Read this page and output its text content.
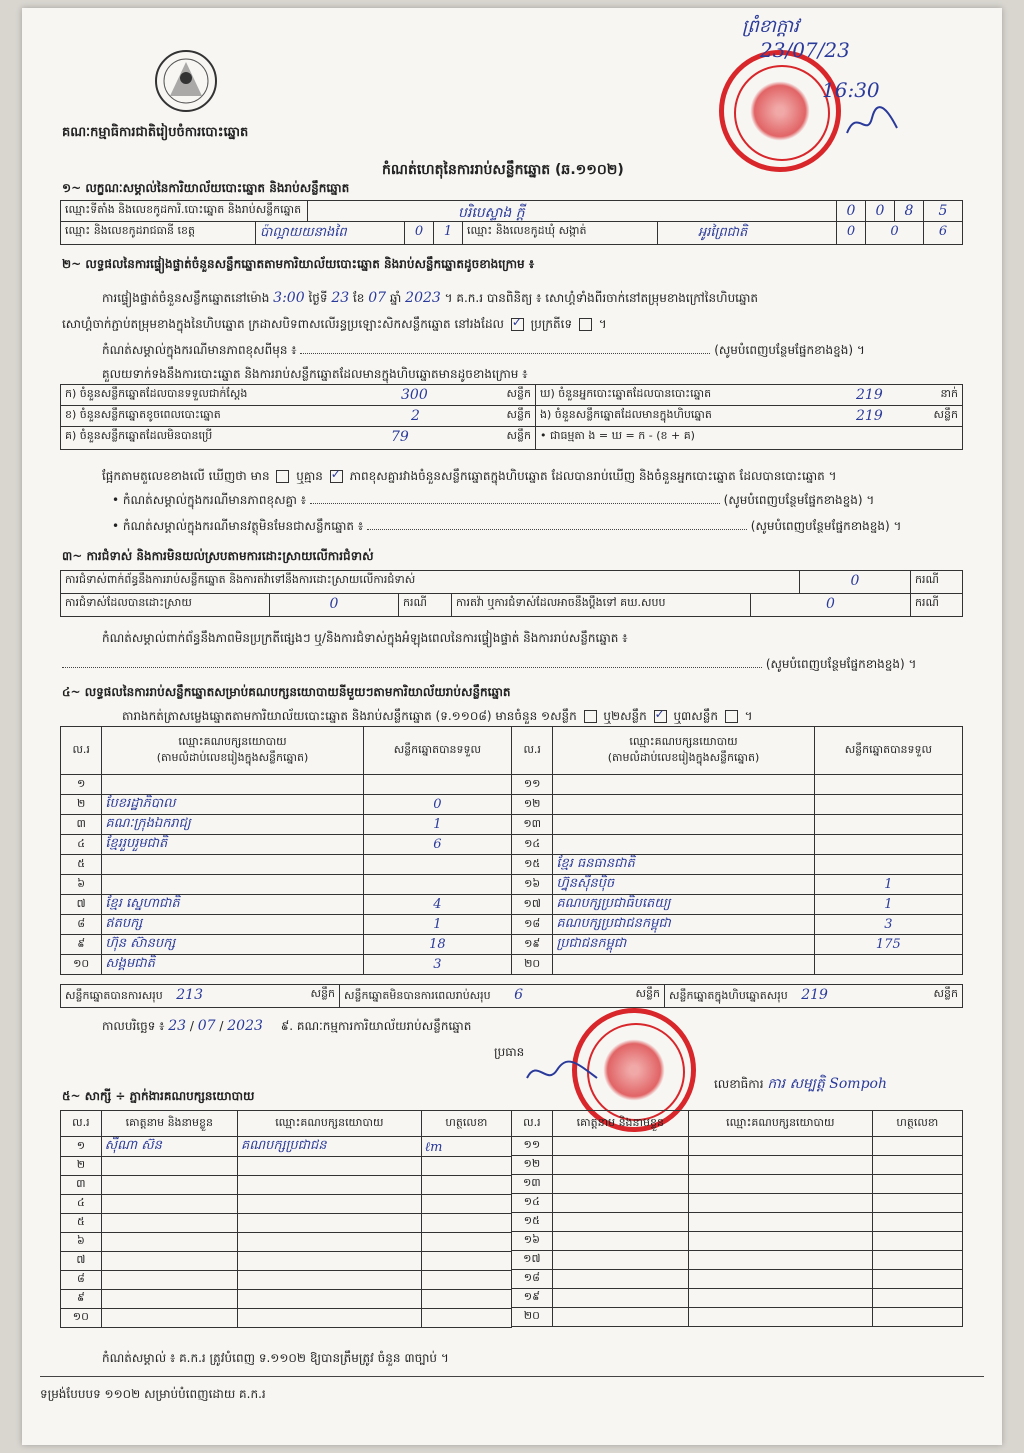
គណៈកម្មាធិការជាតិរៀបចំការបោះឆ្នោត
ព្រំខាក្តាវ
23/07/23
16:30
កំណត់ហេតុនៃការរាប់សន្លឹកឆ្នោត (ឆ.១១០២)
១~ លក្ខណៈសម្គាល់នៃការិយាល័យបោះឆ្នោត និងរាប់សន្លឹកឆ្នោត
ឈ្មោះទីតាំង និងលេខកូដការិ.បោះឆ្នោត និងរាប់សន្លឹកឆ្នោត	បរិបេស្ទាង ក្តី	0	0	8	5
ឈ្មោះ និងលេខកូដរាជធានី ខេត្ត	ប៉ាល្អាយយនាងពៃ	0	1	ឈ្មោះ និងលេខកូដឃុំ សង្កាត់	អូរព្រៃជាតិ	0	0	6
២~ លទ្ធផលនៃការផ្ទៀងផ្ទាត់ចំនួនសន្លឹកឆ្នោតតាមការិយាល័យបោះឆ្នោត និងរាប់សន្លឹកឆ្នោតដូចខាងក្រោម ៖
ការផ្ទៀងផ្ទាត់ចំនួនសន្លឹកឆ្នោតនៅម៉ោង 3:00 ថ្ងៃទី 23 ខែ 07 ឆ្នាំ 2023 ។ គ.ក.រ បានពិនិត្យ ៖ សោហ្គំទាំងពីរចាក់នៅតម្រុមខាងក្រៅនៃហិបឆ្នោត
សោហ្គំចាក់ភ្ជាប់តម្រុមខាងក្នុងនៃហិបឆ្នោត ក្រដាសបិទពាសលើរន្ធប្រឡោះសិកសន្លឹកឆ្នោត នៅរងដែល ✓ ប្រក្រតីទេ  ។
កំណត់សម្គាល់ក្នុងករណីមានភាពខុសពីមុន ៖	(សូមបំពេញបន្ថែមផ្នែកខាងខ្នង) ។
គួលយទាក់ទងនឹងការបោះឆ្នោត និងការរាប់សន្លឹកឆ្នោតដែលមានក្នុងហិបឆ្នោតមានដូចខាងក្រោម ៖
ក) ចំនួនសន្លឹកឆ្នោតដែលបានទទួលជាក់ស្តែង	300	សន្លឹក ឃ) ចំនួនអ្នកបោះឆ្នោតដែលបានបោះឆ្នោត	219	នាក់
ខ) ចំនួនសន្លឹកឆ្នោតខូចពេលបោះឆ្នោត	2	សន្លឹក ង) ចំនួនសន្លឹកឆ្នោតដែលមានក្នុងហិបឆ្នោត	219	សន្លឹក
គ) ចំនួនសន្លឹកឆ្នោតដែលមិនបានប្រើ	79	សន្លឹក • ជាធម្មតា ង = ឃ = ក - (ខ + គ)
ផ្អែកតាមតួលេខខាងលើ ឃើញថា មាន ឬគ្មាន ✓ ភាពខុសគ្នារវាងចំនួនសន្លឹកឆ្នោតក្នុងហិបឆ្នោត ដែលបានរាប់ឃើញ និងចំនួនអ្នកបោះឆ្នោត ដែលបានបោះឆ្នោត ។
• កំណត់សម្គាល់ក្នុងករណីមានភាពខុសគ្នា ៖	(សូមបំពេញបន្ថែមផ្នែកខាងខ្នង) ។
• កំណត់សម្គាល់ក្នុងករណីមានវត្ថុមិនមែនជាសន្លឹកឆ្នោត ៖	(សូមបំពេញបន្ថែមផ្នែកខាងខ្នង) ។
៣~ ការជំទាស់ និងការមិនយល់ស្របតាមការដោះស្រាយលើការជំទាស់
ការជំទាស់ពាក់ព័ន្ធនឹងការរាប់សន្លឹកឆ្នោត និងការតវ៉ាទៅនឹងការដោះស្រាយលើការជំទាស់	0	ករណី
ការជំទាស់ដែលបានដោះស្រាយ	0	ករណី	ការតវ៉ា ឬការជំទាស់ដែលអាចនឹងប្តឹងទៅ គឃ.សបប	0	ករណី
កំណត់សម្គាល់ពាក់ព័ន្ធនឹងភាពមិនប្រក្រតីផ្សេងៗ ឬ/និងការជំទាស់ក្នុងអំឡុងពេលនៃការផ្ទៀងផ្ទាត់ និងការរាប់សន្លឹកឆ្នោត ៖
(សូមបំពេញបន្ថែមផ្នែកខាងខ្នង) ។
៤~ លទ្ធផលនៃការរាប់សន្លឹកឆ្នោតសម្រាប់គណបក្សនយោបាយនីមួយៗតាមការិយាល័យរាប់សន្លឹកឆ្នោត
តារាងកត់ត្រាសម្លេងឆ្នោតតាមការិយាល័យបោះឆ្នោត និងរាប់សន្លឹកឆ្នោត (ទ.១១០៨) មានចំនួន ១សន្លឹក ឬ២សន្លឹក ✓ ឬ៣សន្លឹក  ។
ល.រ	ឈ្មោះគណបក្សនយោបាយ
(តាមលំដាប់លេខរៀងក្នុងសន្លឹកឆ្នោត)	សន្លឹកឆ្នោតបានទទួល
១		
២	បែខរដ្ឋាភិបាល	0
៣	គណៈក្រុងឯករាជ្យ	1
៤	ខ្មែររួបរួមជាតិ	6
៥		
៦		
៧	ខ្មែរ ស្នេហាជាតិ	4
៨	ឥតបក្ស	1
៩	ហ៊ុន ស៊ានបក្ស	18
១០	សង្គមជាតិ	3
ល.រ	ឈ្មោះគណបក្សនយោបាយ
(តាមលំដាប់លេខរៀងក្នុងសន្លឹកឆ្នោត)	សន្លឹកឆ្នោតបានទទួល
១១		
១២		
១៣		
១៤		
១៥	ខ្មែរ ធនធានជាតិ	
១៦	ហ្វ៊ុនស៊ីនប៉ិច	1
១៧	គណបក្សប្រជាធិបតេយ្យ	1
១៨	គណបក្សប្រជាជនកម្ពុជា	3
១៩	ប្រជាជនកម្ពុជា	175
២០		
សន្លឹកឆ្នោតបានការសរុប 213	សន្លឹក សន្លឹកឆ្នោតមិនបានការពេលរាប់សរុប 6	សន្លឹក សន្លឹកឆ្នោតក្នុងហិបឆ្នោតសរុប 219	សន្លឹក
កាលបរិច្ឆេទ ៖ 23 / 07 / 2023 ៩. គណៈកម្មការការិយាល័យរាប់សន្លឹកឆ្នោត
ប្រធាន
លេខាធិការ ការ សម្បត្តិ Sompoh
៥~ សាក្សី ÷ ភ្នាក់ងារគណបក្សនយោបាយ
ល.រ	គោត្តនាម និងនាមខ្លួន	ឈ្មោះគណបក្សនយោបាយ	ហត្ថលេខា
១	ស៊ីណា ស៊ន	គណបក្សប្រជាជន	ℓm
២			
៣			
៤			
៥			
៦			
៧			
៨			
៩			
១០			
ល.រ	គោត្តនាម និងនាមខ្លួន	ឈ្មោះគណបក្សនយោបាយ	ហត្ថលេខា
១១			
១២			
១៣			
១៤			
១៥			
១៦			
១៧			
១៨			
១៩			
២០			
កំណត់សម្គាល់ ៖ គ.ក.រ ត្រូវបំពេញ ទ.១១០២ ឱ្យបានត្រឹមត្រូវ ចំនួន ៣ច្បាប់ ។
ទម្រង់បែបបទ ១១០២ សម្រាប់បំពេញដោយ គ.ក.រ
